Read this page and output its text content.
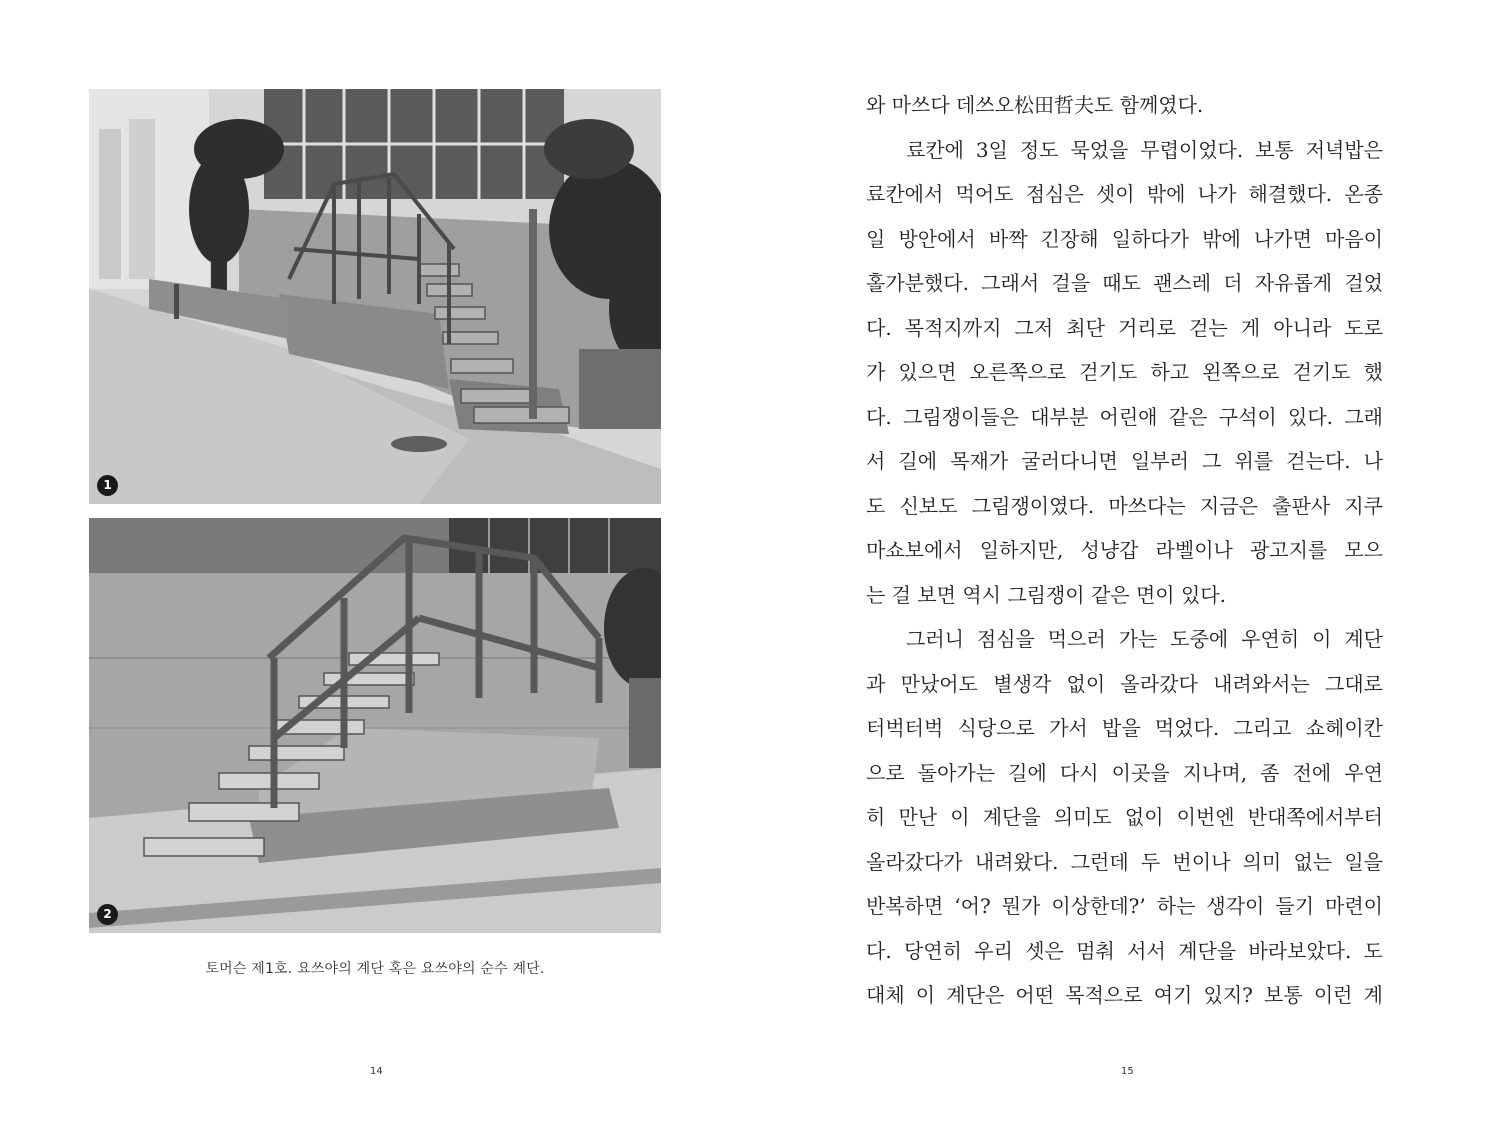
1
2
토머슨 제1호. 요쓰야의 계단 혹은 요쓰야의 순수 계단.
14
와 마쓰다 데쓰오松田哲夫도 함께였다.
료칸에 3일 정도 묵었을 무렵이었다. 보통 저녁밥은
료칸에서 먹어도 점심은 셋이 밖에 나가 해결했다. 온종
일 방안에서 바짝 긴장해 일하다가 밖에 나가면 마음이
홀가분했다. 그래서 걸을 때도 괜스레 더 자유롭게 걸었
다. 목적지까지 그저 최단 거리로 걷는 게 아니라 도로
가 있으면 오른쪽으로 걷기도 하고 왼쪽으로 걷기도 했
다. 그림쟁이들은 대부분 어린애 같은 구석이 있다. 그래
서 길에 목재가 굴러다니면 일부러 그 위를 걷는다. 나
도 신보도 그림쟁이였다. 마쓰다는 지금은 출판사 지쿠
마쇼보에서 일하지만, 성냥갑 라벨이나 광고지를 모으
는 걸 보면 역시 그림쟁이 같은 면이 있다.
그러니 점심을 먹으러 가는 도중에 우연히 이 계단
과 만났어도 별생각 없이 올라갔다 내려와서는 그대로
터벅터벅 식당으로 가서 밥을 먹었다. 그리고 쇼헤이칸
으로 돌아가는 길에 다시 이곳을 지나며, 좀 전에 우연
히 만난 이 계단을 의미도 없이 이번엔 반대쪽에서부터
올라갔다가 내려왔다. 그런데 두 번이나 의미 없는 일을
반복하면 ‘어? 뭔가 이상한데?’ 하는 생각이 들기 마련이
다. 당연히 우리 셋은 멈춰 서서 계단을 바라보았다. 도
대체 이 계단은 어떤 목적으로 여기 있지? 보통 이런 계
15
